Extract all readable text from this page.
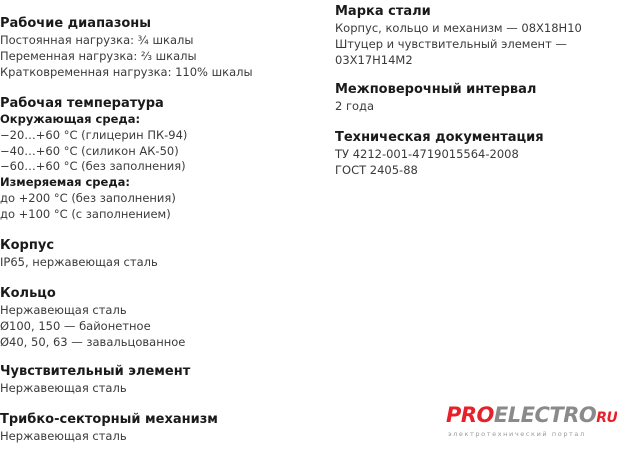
Рабочие диапазоны
Постоянная нагрузка: ¾ шкалы
Переменная нагрузка: ⅔ шкалы
Кратковременная нагрузка: 110% шкалы
Рабочая температура
Окружающая среда:
−20…+60 °С (глицерин ПК-94)
−40…+60 °С (силикон АК-50)
−60…+60 °С (без заполнения)
Измеряемая среда:
до +200 °С (без заполнения)
до +100 °С (с заполнением)
Корпус
IP65, нержавеющая сталь
Кольцо
Нержавеющая сталь
Ø100, 150 — байонетное
Ø40, 50, 63 — завальцованное
Чувствительный элемент
Нержавеющая сталь
Трибко-секторный механизм
Нержавеющая сталь
Марка стали
Корпус, кольцо и механизм — 08Х18Н10
Штуцер и чувствительный элемент —
03Х17Н14М2
Межповерочный интервал
2 года
Техническая документация
ТУ 4212-001-4719015564-2008
ГОСТ 2405-88
PRO ELECTRO RU
электротехнический портал
